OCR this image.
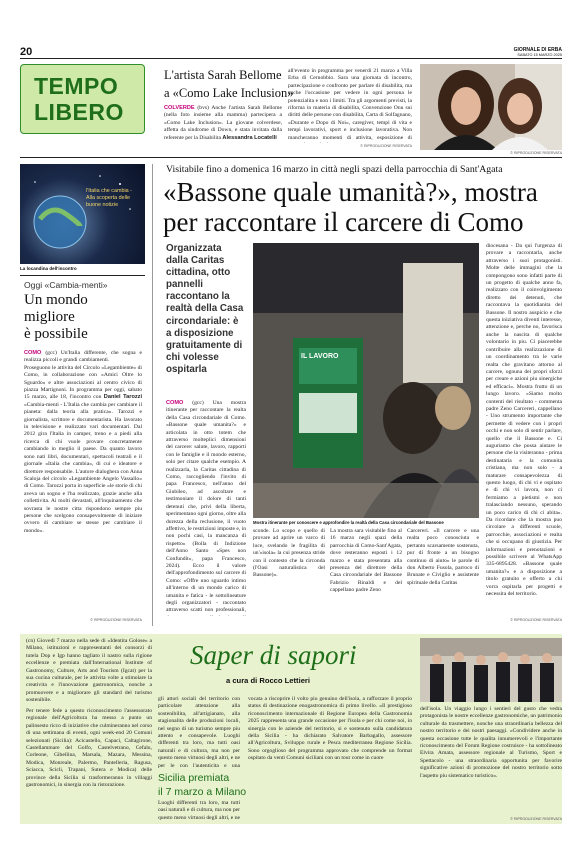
20	GIORNALE DI ERBA
SABATO 15 MARZO 2025
TEMPO
LIBERO
L'artista Sarah Bellome
a «Como Lake Inclusion»
COLVERDE (bvs) Anche l'artista Sarah Bellome (nella foto insieme alla mamma) partecipera a «Como Lake Inclusion». La giovane colverdese, affetta da sindrome di Down, e stata invitata dalla referente per la Disabilita Alessandra Locatelli
all'evento in programma per venerdi 21 marzo a Villa Erba di Cernobbio. Sara una giornata di incontro, partecipazione e confronto per parlare di disabilita, ma anche l'occasione per vedere in ogni persona le potenzialita e non i limiti. Tra gli argomenti previsti, la riforma in materia di disabilita, Convenzione Onu sui diritti delle persone con disabilita, Carta di Solfagnano, «Durante e Dopo di Noi», caregiver, tempi di vita e tempi lavorativi, sport e inclusione lavorativa. Non mancheranno momenti di attivita, esposizione di
© RIPRODUZIONE RISERVATA
© RIPRODUZIONE RISERVATA
l'Italia che cambia - Alla scoperta delle buone notizie
La locandina dell'incontro
Oggi «Cambia-menti»
Un mondo
migliore
è possibile
COMO (gcc) Un'Italia differente, che sogna e realizza piccoli e grandi cambiamenti.
Proseguono le attivita del Circolo «Legambiente» di Como, in collaborazione con «Amici Oltre lo Sguardo» e altre associazioni al centro civico di piazza Martignoni. In programma per oggi, sabato 15 marzo, alle 18, l'incontro con Daniel Tarozzi «Cambia-menti - L'Italia che cambia per cambiare il pianeta: dalla teoria alla pratica». Tarozzi e giornalista, scrittore e documentarista. Ha lavorato in televisione e realizzato vari documentari. Dal 2012 gira l'Italia in camper, treno e a piedi alla ricerca di chi vuole provare concretamente cambiando in meglio il paese. Da quanto lavoro sono nati libri, documentari, spettacoli teatrali e il giornale «Italia che cambia», di cui e ideatore e direttore responsabile. L'autore dialoghera con Anna Scaloja del circolo «Legambiente Angelo Vassallo» di Como. Tarozzi porta in superficie «le storie di chi aveva un sogno e l'ha realizzato, grazie anche alla collettivita. Ai molti devastati, all'inquinamento che sovrasta le nostre citta rispondono sempre piu persone che scelgono consapevolmente di iniziare ovvero di cambiare se stesse per cambiare il mondo».
© RIPRODUZIONE RISERVATA
Visitabile fino a domenica 16 marzo in città negli spazi della parrocchia di Sant'Agata
«Bassone quale umanità?», mostra
per raccontare il carcere di Como
Organizzata dalla Caritas cittadina, otto pannelli raccontano la realtà della Casa circondariale: è a disposizione gratuitamente di chi volesse ospitarla
COMO (gcc) Una mostra itinerante per raccontare la realta della Casa circondariale di Como. «Bassone quale umanita?» e articolata in otto totem che attraverso molteplici dimensioni del carcere: salute, lavoro, rapporti con le famiglie e il mondo esterno, solo per citare qualche esempio. A realizzarla, la Caritas cittadina di Como, raccogliendo l'invito di papa Francesco, nell'anno del Giubileo, ad ascoltare e testimoniare il dolore di tanti detenuti che, privi della liberta, sperimentano ogni giorno, oltre alla durezza della reclusione, il vuoto affettivo, le restrizioni imposte e, in non pochi casi, la mancanza di rispetto» (Bolla di Indizione dell'Anno Santo «Spes non Confundit», papa Francesco, 2024). Ecco il valore dell'approfondimento sul carcere di Como: «Offre uno sguardo intimo all'interno di un mondo carico di umanita e fatica - le sottolineature degli organizzatori - raccontato attraverso scatti non professionali,
IL LAVORO
Mostra itinerante per conoscere e approfondire la realtà della Casa circondariale del Bassone
sconde. Lo scopo e quello di provare ad aprire un varco di luce, svelando le fragilita di un'«isola» la cui presenza stride con il contesto che la circonda (l'Oasi naturalistica del Bassone)».
La mostra sara visitabile fino al 16 marzo negli spazi della parrocchia di Como-Sant'Agata, dove resteranno esposti i 12 marzo e stata presentata alla presenza del direttore della Casa circondariale del Bassone Fabrizio Rinaldi e del cappellano padre Zeno
Carcereri. «Il carcere e una realta poco conosciuta e pertanto scarsamente sostenuta, pur di fronte a un bisogno continuo di aiuto» le parole di don Alberto Fusola, parroco di Brunate e Civiglio e assistente spirituale della Caritas
diocesana - Da qui l'urgenza di provare a raccontarla, anche attraverso i suoi protagonisti. Molte delle immagini che la compongono sono infatti parte di un progetto di qualche anno fa, realizzato con il coinvolgimento diretto dei detenuti, che raccontava la quotidianita del Bassone. Il nostro auspicio e che questa iniziativa diventi interesse, attenzione e, perche no, favorisca anche la nascita di qualche volontario in piu. Ci piacerebbe contribuire alla realizzazione di un coordinamento tra le varie realta che gravitano attorno al carcere, ognuna dei propri sforzi per creare e azioni piu sinergiche ed efficaci». Mostra frutto di un lungo lavoro. «Siamo molto contenti del risultato - commenta padre Zeno Carcereri, cappellano - Uno strumento importante che permette di vedere con i propri occhi e non solo di sentir parlare, quello che il Bassone e. Ci auguriamo che possa aiutare le persone che la visiteranno - prima destinataria e la comunita cristiana, ma non solo - a maturare consapevolezza di questo luogo, di chi vi e ospitato e di chi vi lavora, non ci fermiamo a pietismi e non tralasciando nessuno, sperando un poco carico di chi ci abita». Da ricordare che la mostra puo circolare a differenti scuole, parrocchie, associazioni e realta che si occupano di giustizia. Per informazioni e prenotazioni e possibile scrivere al WhatsApp 335-6895428. «Bassone quale umanita?» e a disposizione a titolo gratuito e offerto a chi vorra ospitarla per progetti e necessita del territorio.
© RIPRODUZIONE RISERVATA
(cn) Giovedi 7 marzo nella sede di «Identita Golose» a Milano, istituzioni e rappresentanti dei consorzi di tutela Dop e Igp hanno tagliato il nastro sulla rigione eccellenze e premiata dall'International Institute of Gastronomy, Culture, Arts and Tourism (Igcat) per la sua cucina culturale, per le attivita volte a stimolare la creativita e l'innovazione gastronomica, nonche a promuovere e a migliorare gli standard del turismo sostenibile.
Saper di sapori
a cura di Rocco Lettieri
Per tenere fede a questo riconoscimento l'assessorato regionale dell'Agricoltura ha messo a punto un palinsesto ricco di iniziative che culmineranno nel corso di una settimana di eventi, ogni week-end 20 Comuni selezionati (Sicilia): Acicastello, Capaci, Caltagirone, Castellammare del Golfo, Castelvetrano, Cefalu, Corleone, Gibellina, Marsala, Mazara, Messina, Modica, Monreale, Palermo, Pantelleria, Ragusa, Sciacca, Scicli, Trapani, Sutera e Modica) delle province della Sicilia si trasformeranno in villaggi gastronomici, in sinergia con la ristorazione.
Sicilia premiata
il 7 marzo a Milano
gli attori sociali del territorio con particolare attenzione alla sostenibilita, all'artigianato, alla stagionalita delle produzioni locali, nel segno di un turismo sempre piu attento e consapevole. Luoghi differenti tra loro, ma tutti oasi naturali e di cultura, ma non per questo meno virtuosi degli altri, e ne per le con l'autenticita e una
Luoghi differenti tra loro, ma tutti oasi naturali e di cultura, ma non per questo meno virtuosi degli altri, e ne
vocata a riscoprire il volto piu genuino dell'isola, a rafforzare il proprio status di destinazione enogastronomica di primo livello. «Il prestigioso riconoscimento internazionale di Regione Europea della Gastronomia 2025 rappresenta una grande occasione per l'isola e per chi come noi, in sinergia con le aziende del territorio, si e sostenuto sulla candidatura della Sicilia - ha dichiarato Salvatore Barbagallo, assessore all'Agricoltura, Sviluppo rurale e Pesca mediterranea Regione Sicilia. Sono orgoglioso del programma approvato che comprende un format ospitato da venti Comuni siciliani con un tour come in cuore
dell'isola. Un viaggio lungo i sentieri del gusto che vedra protagonista le nostre eccellenze gastronomiche, un patrimonio culturale da trasmettere, nonche una straordinaria bellezza del nostro territorio e dei nostri paesaggi. «Condividere anche in questa occasione tutte le qualita innumerevoli e l'importante riconoscimento del Forum Regione costruisce - ha sottolineato Elvira Amata, assessore regionale al Turismo, Sport e Spettacolo - una straordinaria opportunita per favorire significative azioni di promozione del nostro territorio sotto l'aspetto piu sistematico turistico».
© RIPRODUZIONE RISERVATA
